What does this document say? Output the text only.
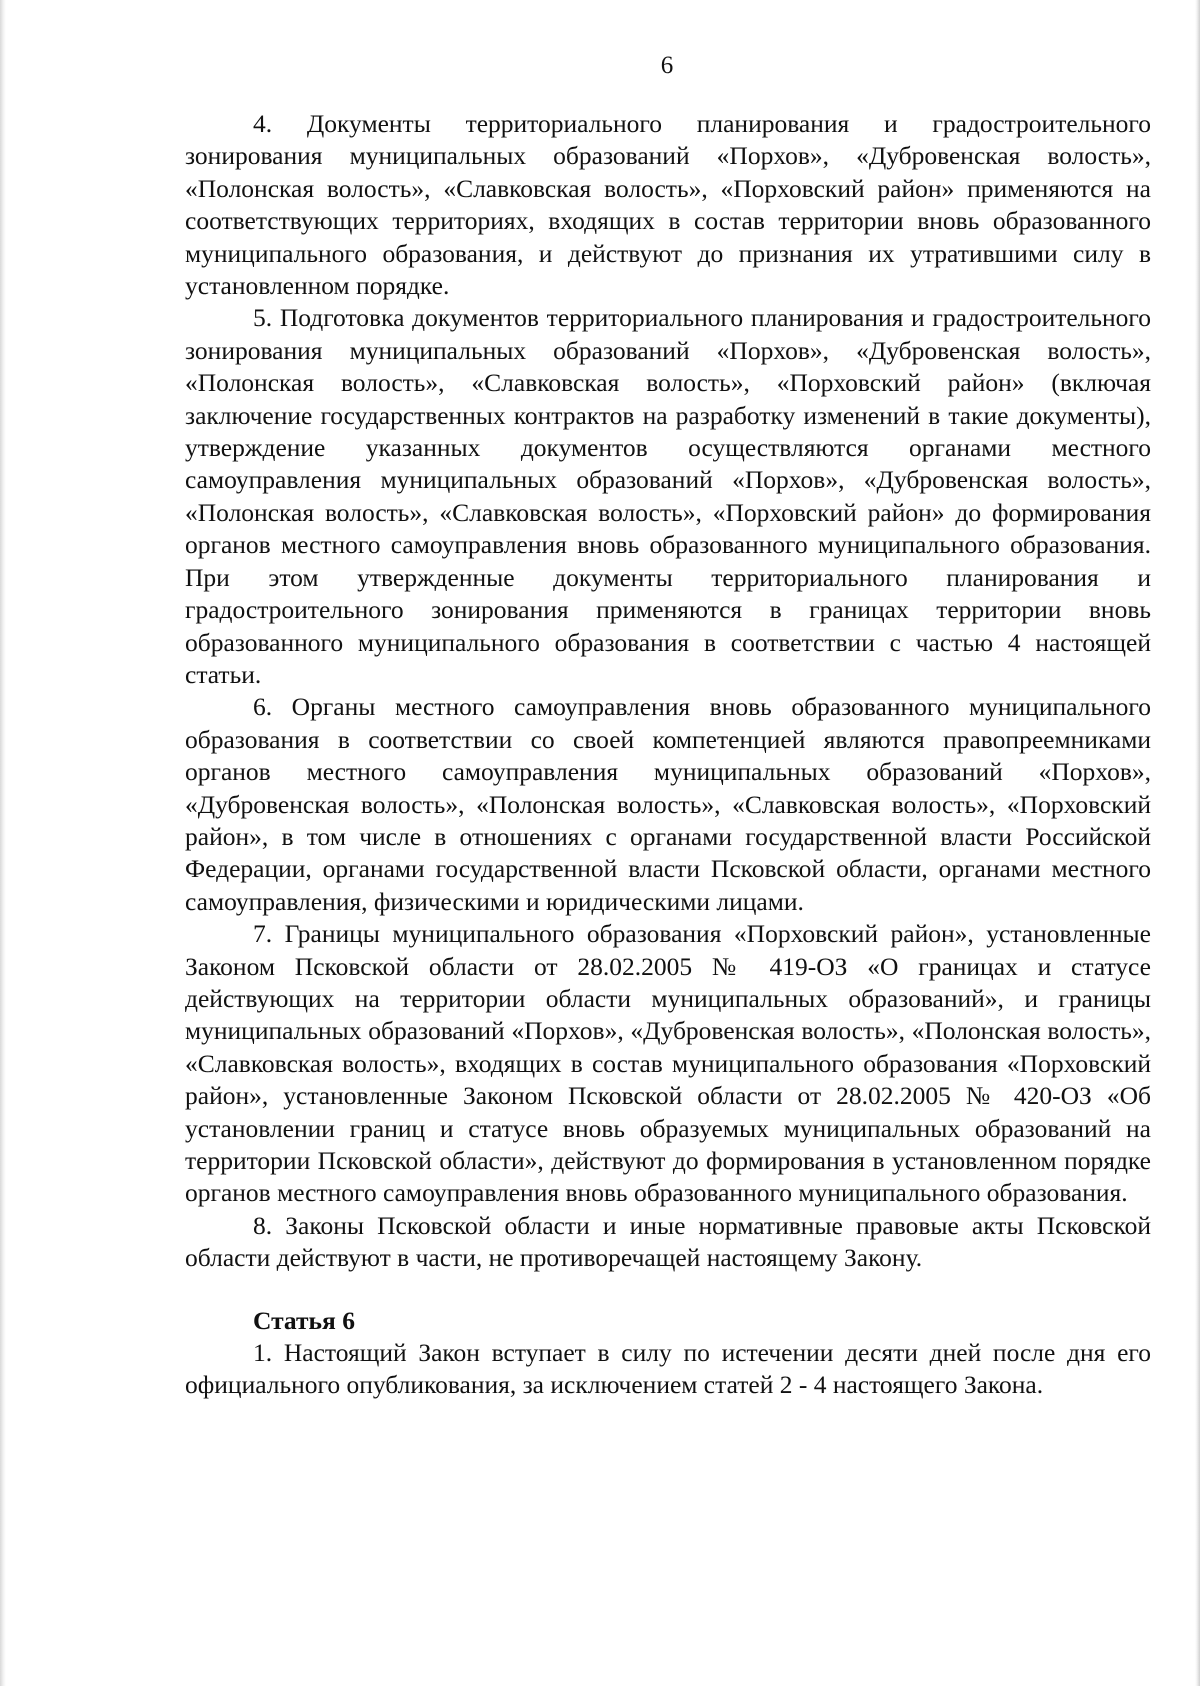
6

4. Документы территориального планирования и градостроительного зонирования муниципальных образований «Порхов», «Дубровенская волость», «Полонская волость», «Славковская волость», «Порховский район» применяются на соответствующих территориях, входящих в состав территории вновь образованного муниципального образования, и действуют до признания их утратившими силу в установленном порядке.

5. Подготовка документов территориального планирования и градостроительного зонирования муниципальных образований «Порхов», «Дубровенская волость», «Полонская волость», «Славковская волость», «Порховский район» (включая заключение государственных контрактов на разработку изменений в такие документы), утверждение указанных документов осуществляются органами местного самоуправления муниципальных образований «Порхов», «Дубровенская волость», «Полонская волость», «Славковская волость», «Порховский район» до формирования органов местного самоуправления вновь образованного муниципального образования. При этом утвержденные документы территориального планирования и градостроительного зонирования применяются в границах территории вновь образованного муниципального образования в соответствии с частью 4 настоящей статьи.

6. Органы местного самоуправления вновь образованного муниципального образования в соответствии со своей компетенцией являются правопреемниками органов местного самоуправления муниципальных образований «Порхов», «Дубровенская волость», «Полонская волость», «Славковская волость», «Порховский район», в том числе в отношениях с органами государственной власти Российской Федерации, органами государственной власти Псковской области, органами местного самоуправления, физическими и юридическими лицами.

7. Границы муниципального образования «Порховский район», установленные Законом Псковской области от 28.02.2005 № 419-ОЗ «О границах и статусе действующих на территории области муниципальных образований», и границы муниципальных образований «Порхов», «Дубровенская волость», «Полонская волость», «Славковская волость», входящих в состав муниципального образования «Порховский район», установленные Законом Псковской области от 28.02.2005 № 420-ОЗ «Об установлении границ и статусе вновь образуемых муниципальных образований на территории Псковской области», действуют до формирования в установленном порядке органов местного самоуправления вновь образованного муниципального образования.

8. Законы Псковской области и иные нормативные правовые акты Псковской области действуют в части, не противоречащей настоящему Закону.

Статья 6

1. Настоящий Закон вступает в силу по истечении десяти дней после дня его официального опубликования, за исключением статей 2 - 4 настоящего Закона.
